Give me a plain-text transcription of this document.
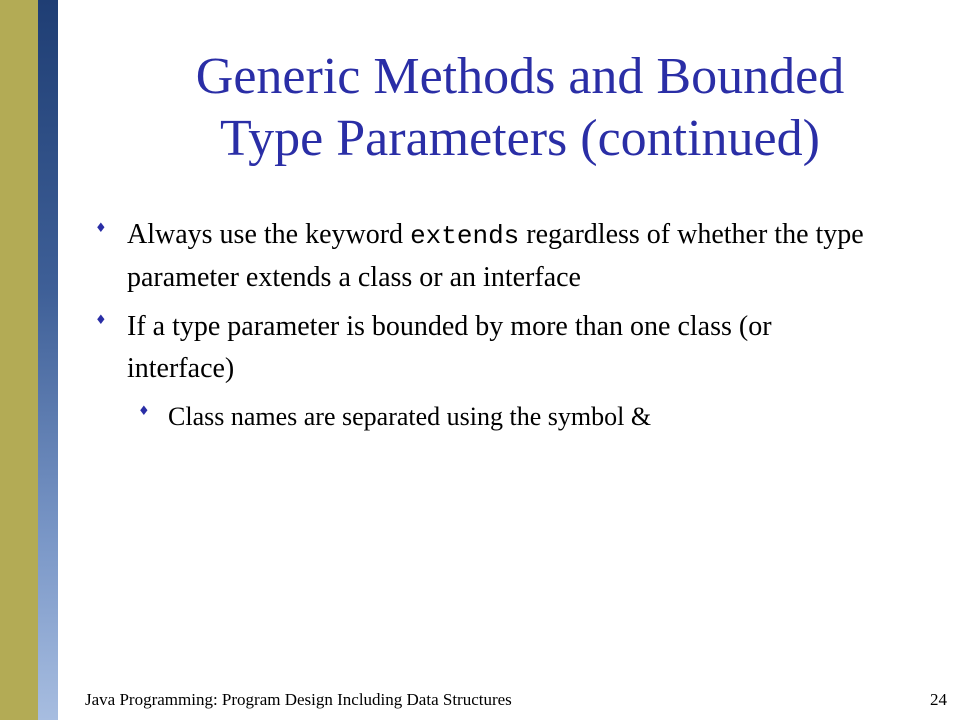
Generic Methods and Bounded
Type Parameters (continued)
♦ Always use the keyword extends regardless of whether the type parameter extends a class or an interface
♦ If a type parameter is bounded by more than one class (or interface)
♦ Class names are separated using the symbol &
Java Programming: Program Design Including Data Structures	24
